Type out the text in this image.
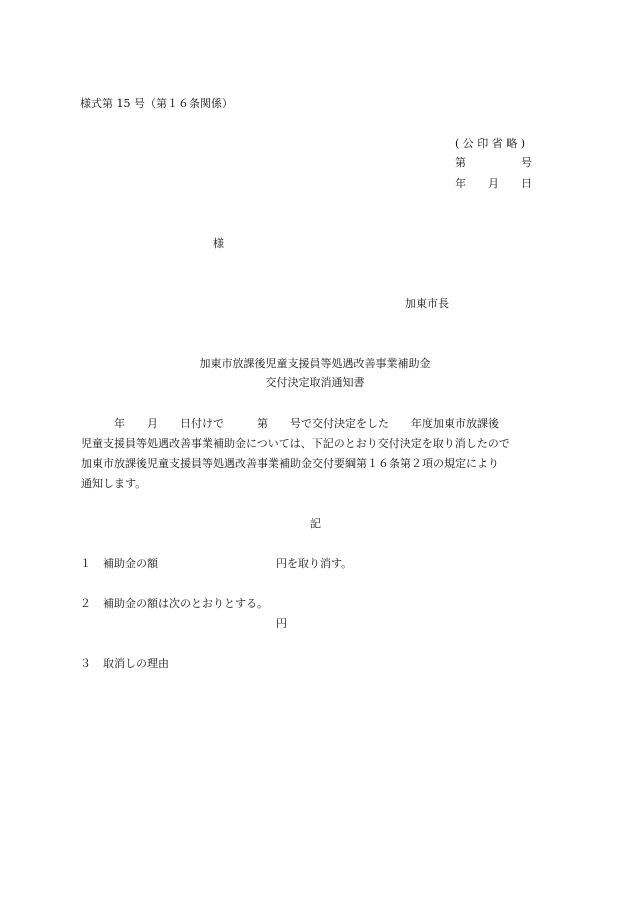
様式第 15 号（第１６条関係）
( 公 印 省 略 )
第　　　　　号
年　　月　　日
様
加東市長
加東市放課後児童支援員等処遇改善事業補助金
交付決定取消通知書
　　　年　　月　　日付けで　　　第　　号で交付決定をした　　年度加東市放課後
児童支援員等処遇改善事業補助金については、下記のとおり交付決定を取り消したので
加東市放課後児童支援員等処遇改善事業補助金交付要綱第１６条第２項の規定により
通知します。
記
１ 補助金の額	円を取り消す。
２ 補助金の額は次のとおりとする。
円
３ 取消しの理由
